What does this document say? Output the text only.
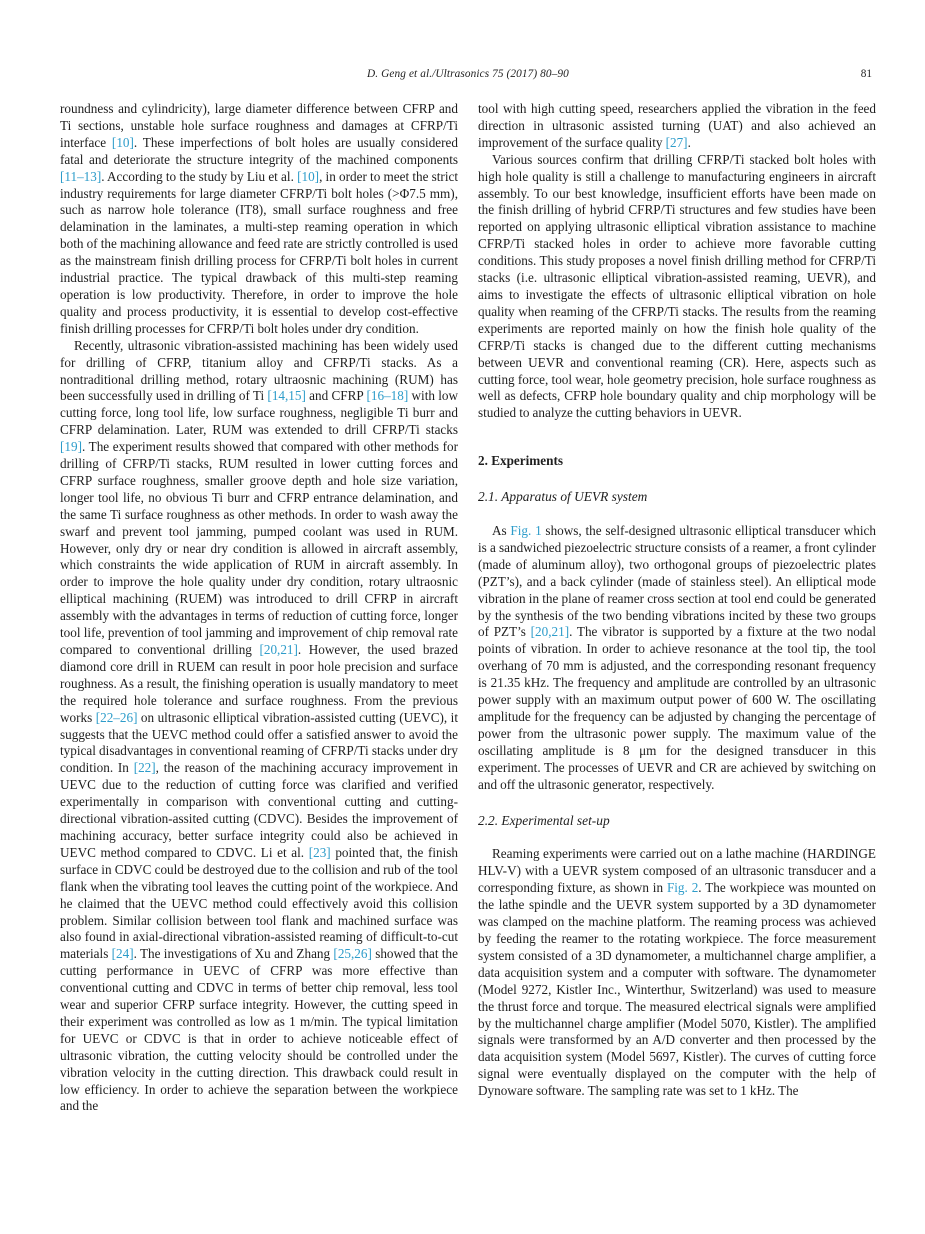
D. Geng et al./Ultrasonics 75 (2017) 80–90	81

roundness and cylindricity), large diameter difference between CFRP and Ti sections, unstable hole surface roughness and damages at CFRP/Ti interface [10]. These imperfections of bolt holes are usually considered fatal and deteriorate the structure integrity of the machined components [11–13]. According to the study by Liu et al. [10], in order to meet the strict industry requirements for large diameter CFRP/Ti bolt holes (>Φ7.5 mm), such as narrow hole tolerance (IT8), small surface roughness and free delamination in the laminates, a multi-step reaming operation in which both of the machining allowance and feed rate are strictly controlled is used as the mainstream finish drilling process for CFRP/Ti bolt holes in current industrial practice. The typical drawback of this multi-step reaming operation is low productivity. Therefore, in order to improve the hole quality and process productivity, it is essential to develop cost-effective finish drilling processes for CFRP/Ti bolt holes under dry condition.

Recently, ultrasonic vibration-assisted machining has been widely used for drilling of CFRP, titanium alloy and CFRP/Ti stacks. As a nontraditional drilling method, rotary ultraosnic machining (RUM) has been successfully used in drilling of Ti [14,15] and CFRP [16–18] with low cutting force, long tool life, low surface roughness, negligible Ti burr and CFRP delamination. Later, RUM was extended to drill CFRP/Ti stacks [19]. The experiment results showed that compared with other methods for drilling of CFRP/Ti stacks, RUM resulted in lower cutting forces and CFRP surface roughness, smaller groove depth and hole size variation, longer tool life, no obvious Ti burr and CFRP entrance delamination, and the same Ti surface roughness as other methods. In order to wash away the swarf and prevent tool jamming, pumped coolant was used in RUM. However, only dry or near dry condition is allowed in aircraft assembly, which constraints the wide application of RUM in aircraft assembly. In order to improve the hole quality under dry condition, rotary ultraosnic elliptical machining (RUEM) was introduced to drill CFRP in aircraft assembly with the advantages in terms of reduction of cutting force, longer tool life, prevention of tool jamming and improvement of chip removal rate compared to conventional drilling [20,21]. However, the used brazed diamond core drill in RUEM can result in poor hole precision and surface roughness. As a result, the finishing operation is usually mandatory to meet the required hole tolerance and surface roughness. From the previous works [22–26] on ultrasonic elliptical vibration-assisted cutting (UEVC), it suggests that the UEVC method could offer a satisfied answer to avoid the typical disadvantages in conventional reaming of CFRP/Ti stacks under dry condition. In [22], the reason of the machining accuracy improvement in UEVC due to the reduction of cutting force was clarified and verified experimentally in comparison with conventional cutting and cutting-directional vibration-assited cutting (CDVC). Besides the improvement of machining accuracy, better surface integrity could also be achieved in UEVC method compared to CDVC. Li et al. [23] pointed that, the finish surface in CDVC could be destroyed due to the collision and rub of the tool flank when the vibrating tool leaves the cutting point of the workpiece. And he claimed that the UEVC method could effectively avoid this collision problem. Similar collision between tool flank and machined surface was also found in axial-directional vibration-assisted reaming of difficult-to-cut materials [24]. The investigations of Xu and Zhang [25,26] showed that the cutting performance in UEVC of CFRP was more effective than conventional cutting and CDVC in terms of better chip removal, less tool wear and superior CFRP surface integrity. However, the cutting speed in their experiment was controlled as low as 1 m/min. The typical limitation for UEVC or CDVC is that in order to achieve noticeable effect of ultrasonic vibration, the cutting velocity should be controlled under the vibration velocity in the cutting direction. This drawback could result in low efficiency. In order to achieve the separation between the workpiece and the

tool with high cutting speed, researchers applied the vibration in the feed direction in ultrasonic assisted turning (UAT) and also achieved an improvement of the surface quality [27].

Various sources confirm that drilling CFRP/Ti stacked bolt holes with high hole quality is still a challenge to manufacturing engineers in aircraft assembly. To our best knowledge, insufficient efforts have been made on the finish drilling of hybrid CFRP/Ti structures and few studies have been reported on applying ultrasonic elliptical vibration assistance to machine CFRP/Ti stacked holes in order to achieve more favorable cutting conditions. This study proposes a novel finish drilling method for CFRP/Ti stacks (i.e. ultrasonic elliptical vibration-assisted reaming, UEVR), and aims to investigate the effects of ultrasonic elliptical vibration on hole quality when reaming of the CFRP/Ti stacks. The results from the reaming experiments are reported mainly on how the finish hole quality of the CFRP/Ti stacks is changed due to the different cutting mechanisms between UEVR and conventional reaming (CR). Here, aspects such as cutting force, tool wear, hole geometry precision, hole surface roughness as well as defects, CFRP hole boundary quality and chip morphology will be studied to analyze the cutting behaviors in UEVR.

2. Experiments
2.1. Apparatus of UEVR system

As Fig. 1 shows, the self-designed ultrasonic elliptical transducer which is a sandwiched piezoelectric structure consists of a reamer, a front cylinder (made of aluminum alloy), two orthogonal groups of piezoelectric plates (PZT’s), and a back cylinder (made of stainless steel). An elliptical mode vibration in the plane of reamer cross section at tool end could be generated by the synthesis of the two bending vibrations incited by these two groups of PZT’s [20,21]. The vibrator is supported by a fixture at the two nodal points of vibration. In order to achieve resonance at the tool tip, the tool overhang of 70 mm is adjusted, and the corresponding resonant frequency is 21.35 kHz. The frequency and amplitude are controlled by an ultrasonic power supply with an maximum output power of 600 W. The oscillating amplitude for the frequency can be adjusted by changing the percentage of power from the ultrasonic power supply. The maximum value of the oscillating amplitude is 8 μm for the designed transducer in this experiment. The processes of UEVR and CR are achieved by switching on and off the ultrasonic generator, respectively.

2.2. Experimental set-up

Reaming experiments were carried out on a lathe machine (HARDINGE HLV-V) with a UEVR system composed of an ultrasonic transducer and a corresponding fixture, as shown in Fig. 2. The workpiece was mounted on the lathe spindle and the UEVR system supported by a 3D dynamometer was clamped on the machine platform. The reaming process was achieved by feeding the reamer to the rotating workpiece. The force measurement system consisted of a 3D dynamometer, a multichannel charge amplifier, a data acquisition system and a computer with software. The dynamometer (Model 9272, Kistler Inc., Winterthur, Switzerland) was used to measure the thrust force and torque. The measured electrical signals were amplified by the multichannel charge amplifier (Model 5070, Kistler). The amplified signals were transformed by an A/D converter and then processed by the data acquisition system (Model 5697, Kistler). The curves of cutting force signal were eventually displayed on the computer with the help of Dynoware software. The sampling rate was set to 1 kHz. The
